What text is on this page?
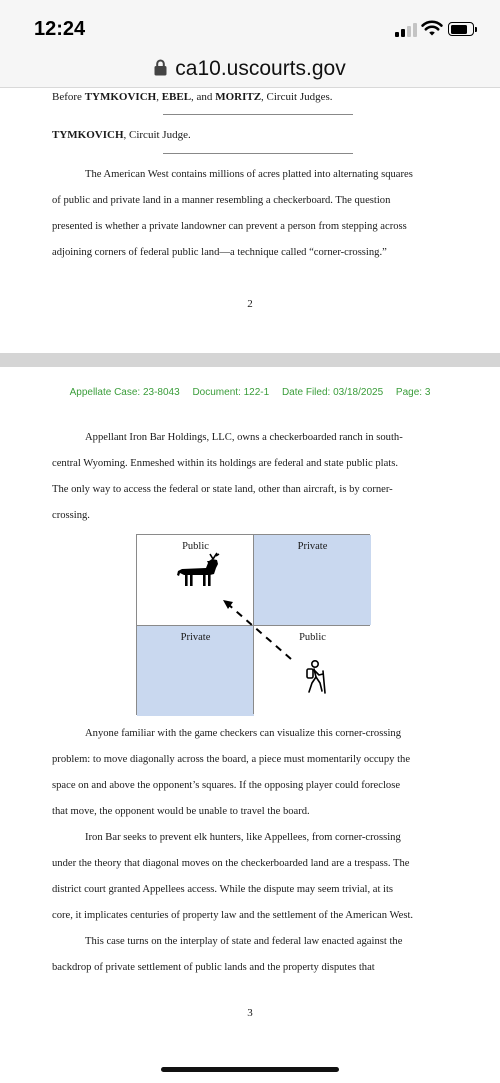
12:24
ca10.uscourts.gov
Before TYMKOVICH, EBEL, and MORITZ, Circuit Judges.
TYMKOVICH, Circuit Judge.

The American West contains millions of acres platted into alternating squares

of public and private land in a manner resembling a checkerboard. The question

presented is whether a private landowner can prevent a person from stepping across

adjoining corners of federal public land—a technique called “corner-crossing.”

2
Appellate Case: 23-8043 Document: 122-1 Date Filed: 03/18/2025 Page: 3

Appellant Iron Bar Holdings, LLC, owns a checkerboarded ranch in south-

central Wyoming. Enmeshed within its holdings are federal and state public plats.

The only way to access the federal or state land, other than aircraft, is by corner-

crossing.

Public	Private
Private	Public

Anyone familiar with the game checkers can visualize this corner-crossing

problem: to move diagonally across the board, a piece must momentarily occupy the

space on and above the opponent’s squares. If the opposing player could foreclose

that move, the opponent would be unable to travel the board.

Iron Bar seeks to prevent elk hunters, like Appellees, from corner-crossing

under the theory that diagonal moves on the checkerboarded land are a trespass. The

district court granted Appellees access. While the dispute may seem trivial, at its

core, it implicates centuries of property law and the settlement of the American West.

This case turns on the interplay of state and federal law enacted against the

backdrop of private settlement of public lands and the property disputes that

3
